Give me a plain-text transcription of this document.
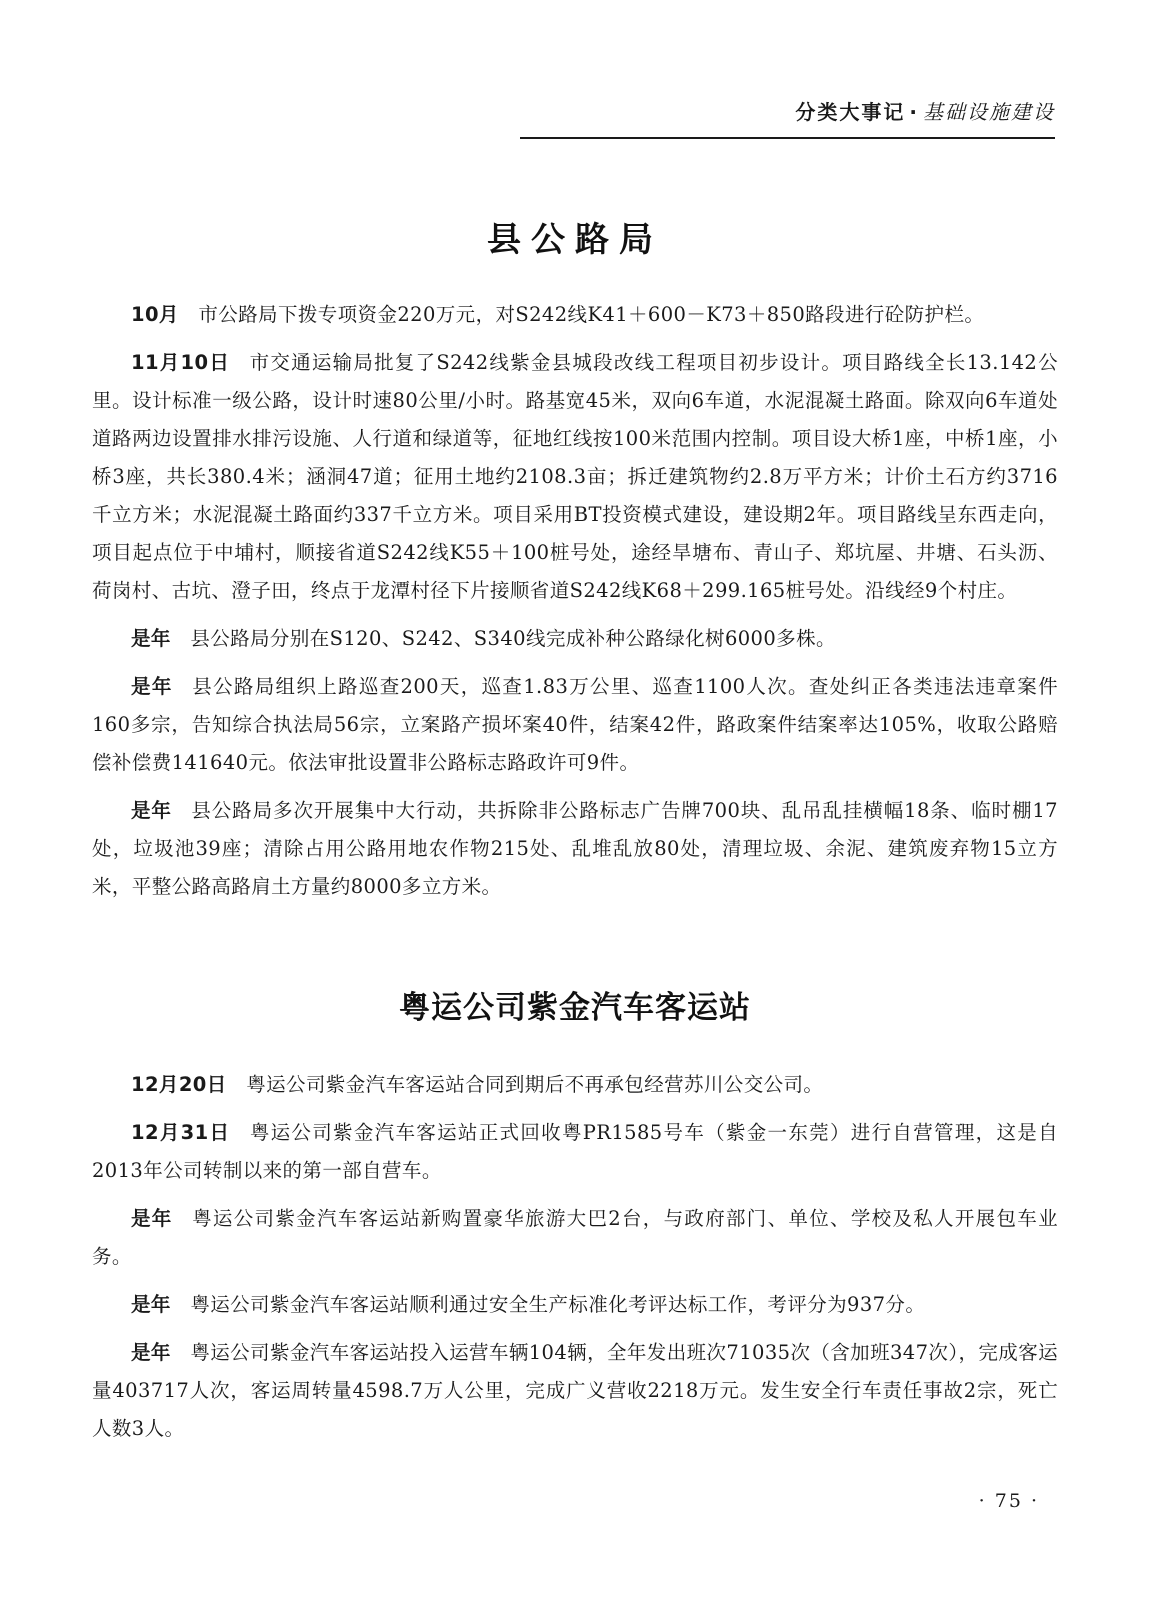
分类大事记 · 基础设施建设
县公路局

10月 市公路局下拨专项资金220万元，对S242线K41＋600－K73＋850路段进行砼防护栏。

11月10日 市交通运输局批复了S242线紫金县城段改线工程项目初步设计。项目路线全长13.142公里。设计标准一级公路，设计时速80公里/小时。路基宽45米，双向6车道，水泥混凝土路面。除双向6车道处道路两边设置排水排污设施、人行道和绿道等，征地红线按100米范围内控制。项目设大桥1座，中桥1座，小桥3座，共长380.4米；涵洞47道；征用土地约2108.3亩；拆迁建筑物约2.8万平方米；计价土石方约3716千立方米；水泥混凝土路面约337千立方米。项目采用BT投资模式建设，建设期2年。项目路线呈东西走向，项目起点位于中埔村，顺接省道S242线K55＋100桩号处，途经旱塘布、青山子、郑坑屋、井塘、石头沥、荷岗村、古坑、澄子田，终点于龙潭村径下片接顺省道S242线K68＋299.165桩号处。沿线经9个村庄。

是年 县公路局分别在S120、S242、S340线完成补种公路绿化树6000多株。

是年 县公路局组织上路巡查200天，巡查1.83万公里、巡查1100人次。查处纠正各类违法违章案件160多宗，告知综合执法局56宗，立案路产损坏案40件，结案42件，路政案件结案率达105%，收取公路赔偿补偿费141640元。依法审批设置非公路标志路政许可9件。

是年 县公路局多次开展集中大行动，共拆除非公路标志广告牌700块、乱吊乱挂横幅18条、临时棚17处，垃圾池39座；清除占用公路用地农作物215处、乱堆乱放80处，清理垃圾、余泥、建筑废弃物15立方米，平整公路高路肩土方量约8000多立方米。

粤运公司紫金汽车客运站

12月20日 粤运公司紫金汽车客运站合同到期后不再承包经营苏川公交公司。

12月31日 粤运公司紫金汽车客运站正式回收粤PR1585号车（紫金一东莞）进行自营管理，这是自2013年公司转制以来的第一部自营车。

是年 粤运公司紫金汽车客运站新购置豪华旅游大巴2台，与政府部门、单位、学校及私人开展包车业务。

是年 粤运公司紫金汽车客运站顺利通过安全生产标准化考评达标工作，考评分为937分。

是年 粤运公司紫金汽车客运站投入运营车辆104辆，全年发出班次71035次（含加班347次），完成客运量403717人次，客运周转量4598.7万人公里，完成广义营收2218万元。发生安全行车责任事故2宗，死亡人数3人。

· 75 ·
